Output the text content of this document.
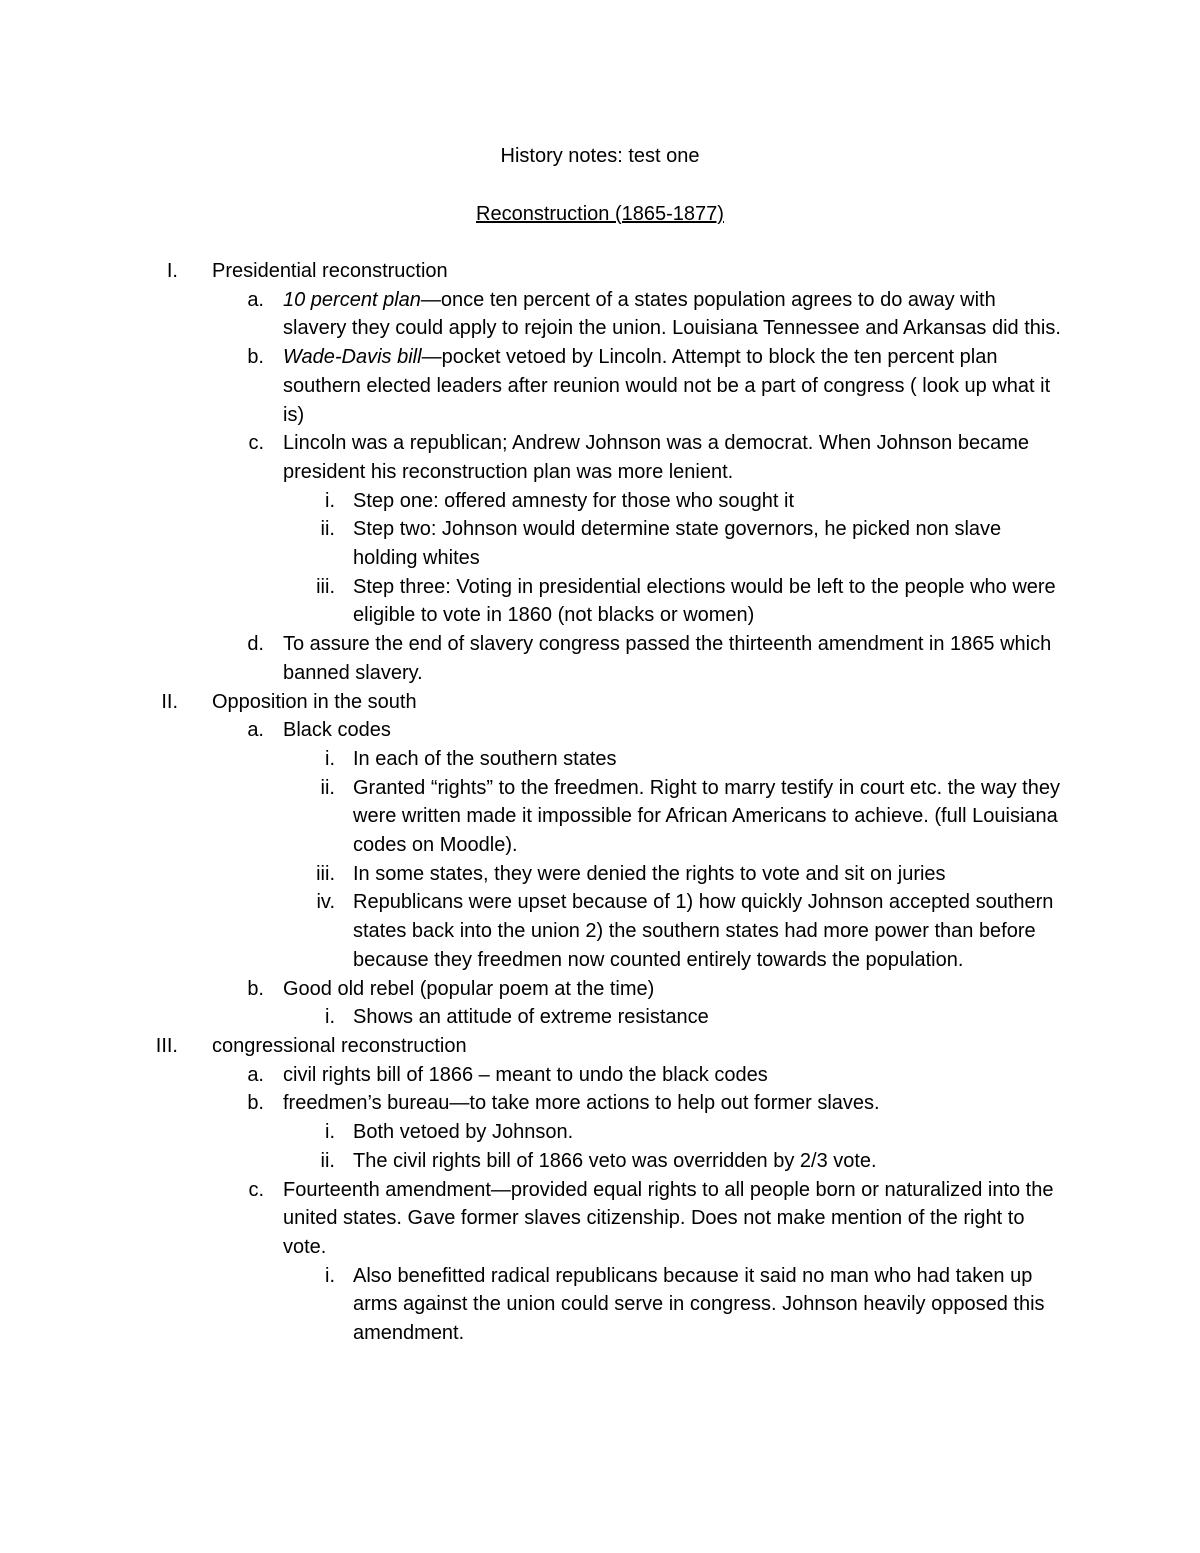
History notes: test one
Reconstruction (1865-1877)
I. Presidential reconstruction
a. 10 percent plan—once ten percent of a states population agrees to do away with slavery they could apply to rejoin the union. Louisiana Tennessee and Arkansas did this.
b. Wade-Davis bill—pocket vetoed by Lincoln. Attempt to block the ten percent plan southern elected leaders after reunion would not be a part of congress ( look up what it is)
c. Lincoln was a republican; Andrew Johnson was a democrat. When Johnson became president his reconstruction plan was more lenient.
i. Step one: offered amnesty for those who sought it
ii. Step two: Johnson would determine state governors, he picked non slave holding whites
iii. Step three: Voting in presidential elections would be left to the people who were eligible to vote in 1860 (not blacks or women)
d. To assure the end of slavery congress passed the thirteenth amendment in 1865 which banned slavery.
II. Opposition in the south
a. Black codes
i. In each of the southern states
ii. Granted “rights” to the freedmen. Right to marry testify in court etc. the way they were written made it impossible for African Americans to achieve. (full Louisiana codes on Moodle).
iii. In some states, they were denied the rights to vote and sit on juries
iv. Republicans were upset because of 1) how quickly Johnson accepted southern states back into the union 2) the southern states had more power than before because they freedmen now counted entirely towards the population.
b. Good old rebel (popular poem at the time)
i. Shows an attitude of extreme resistance
III. congressional reconstruction
a. civil rights bill of 1866 – meant to undo the black codes
b. freedmen’s bureau—to take more actions to help out former slaves.
i. Both vetoed by Johnson.
ii. The civil rights bill of 1866 veto was overridden by 2/3 vote.
c. Fourteenth amendment—provided equal rights to all people born or naturalized into the united states. Gave former slaves citizenship. Does not make mention of the right to vote.
i. Also benefitted radical republicans because it said no man who had taken up arms against the union could serve in congress. Johnson heavily opposed this amendment.
